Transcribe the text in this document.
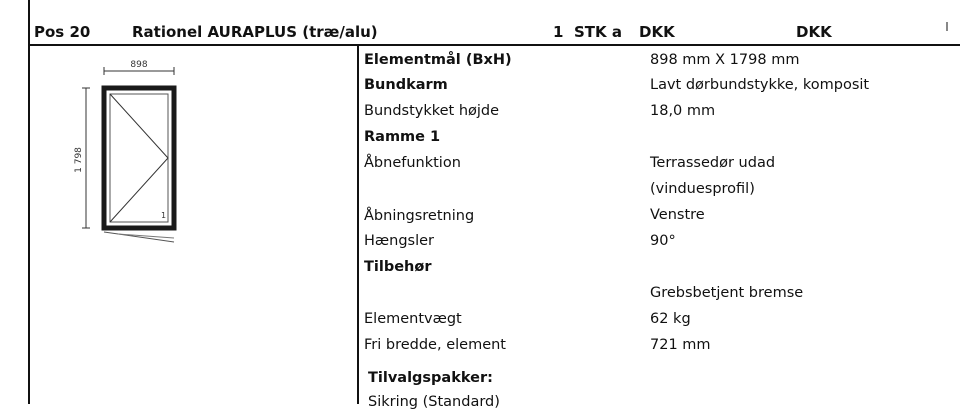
Pos 20	Rationel AURAPLUS (træ/alu)	1 STK a DKK	DKK
898
1 798
1
Elementmål (BxH)	898 mm X 1798 mm
Bundkarm	Lavt dørbundstykke, komposit
Bundstykket højde	18,0 mm
Ramme 1
Åbnefunktion	Terrassedør udad
(vinduesprofil)
Åbningsretning	Venstre
Hængsler	90°
Tilbehør
Grebsbetjent bremse
Elementvægt	62 kg
Fri bredde, element	721 mm
Tilvalgspakker:
Sikring (Standard)
